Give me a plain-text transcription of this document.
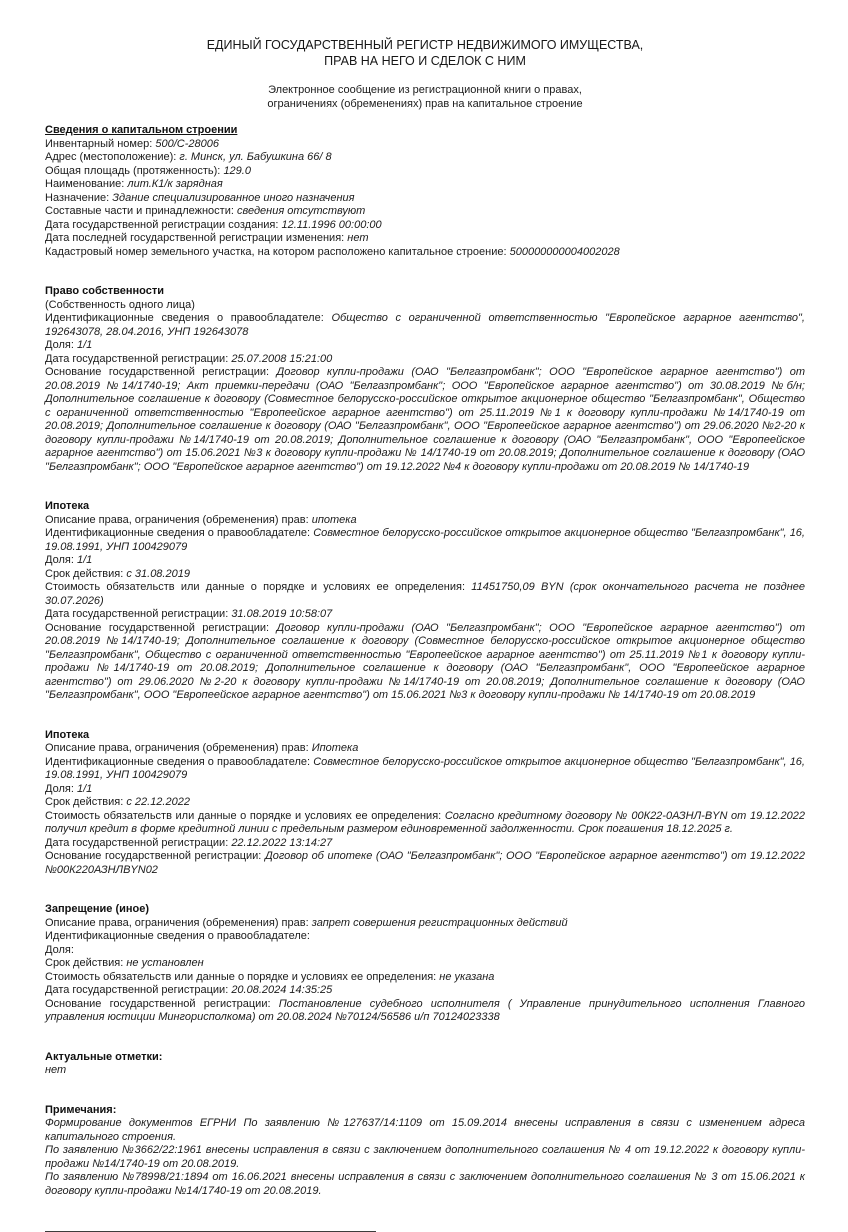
ЕДИНЫЙ ГОСУДАРСТВЕННЫЙ РЕГИСТР НЕДВИЖИМОГО ИМУЩЕСТВА,
ПРАВ НА НЕГО И СДЕЛОК С НИМ
Электронное сообщение из регистрационной книги о правах,
ограничениях (обременениях) прав на капитальное строение
Сведения о капитальном строении
Инвентарный номер: 500/С-28006
Адрес (местоположение): г. Минск, ул. Бабушкина 66/ 8
Общая площадь (протяженность): 129.0
Наименование: лит.К1/к зарядная
Назначение: Здание специализированное иного назначения
Составные части и принадлежности: сведения отсутствуют
Дата государственной регистрации создания: 12.11.1996 00:00:00
Дата последней государственной регистрации изменения: нет
Кадастровый номер земельного участка, на котором расположено капитальное строение: 500000000004002028
Право собственности
(Собственность одного лица)
Идентификационные сведения о правообладателе: Общество с ограниченной ответственностью "Европейское аграрное агентство", 192643078, 28.04.2016, УНП 192643078
Доля: 1/1
Дата государственной регистрации: 25.07.2008 15:21:00
Основание государственной регистрации: Договор купли-продажи (ОАО "Белгазпромбанк"; ООО "Европейское аграрное агентство") от 20.08.2019 №14/1740-19; Акт приемки-передачи (ОАО "Белгазпромбанк"; ООО "Европейское аграрное агентство") от 30.08.2019 №б/н; Дополнительное соглашение к договору (Совместное белорусско-российское открытое акционерное общество "Белгазпромбанк", Общество с ограниченной ответственностью "Европеейское аграрное агентство") от 25.11.2019 №1 к договору купли-продажи №14/1740-19 от 20.08.2019; Дополнительное соглашение к договору (ОАО "Белгазпромбанк", ООО "Европеейское аграрное агентство") от 29.06.2020 №2-20 к договору купли-продажи №14/1740-19 от 20.08.2019; Дополнительное соглашение к договору (ОАО "Белгазпромбанк", ООО "Европеейское аграрное агентство") от 15.06.2021 №3 к договору купли-продажи № 14/1740-19 от 20.08.2019; Дополнительное соглашение к договору (ОАО "Белгазпромбанк"; ООО "Европейское аграрное агентство") от 19.12.2022 №4 к договору купли-продажи от 20.08.2019 № 14/1740-19
Ипотека
Описание права, ограничения (обременения) прав: ипотека
Идентификационные сведения о правообладателе: Совместное белорусско-российское открытое акционерное общество "Белгазпромбанк", 16, 19.08.1991, УНП 100429079
Доля: 1/1
Срок действия: с 31.08.2019
Стоимость обязательств или данные о порядке и условиях ее определения: 11451750,09 BYN (срок окончательного расчета не позднее 30.07.2026)
Дата государственной регистрации: 31.08.2019 10:58:07
Основание государственной регистрации: Договор купли-продажи (ОАО "Белгазпромбанк"; ООО "Европейское аграрное агентство") от 20.08.2019 №14/1740-19; Дополнительное соглашение к договору (Совместное белорусско-российское открытое акционерное общество "Белгазпромбанк", Общество с ограниченной ответственностью "Европеейское аграрное агентство") от 25.11.2019 №1 к договору купли-продажи №14/1740-19 от 20.08.2019; Дополнительное соглашение к договору (ОАО "Белгазпромбанк", ООО "Европеейское аграрное агентство") от 29.06.2020 №2-20 к договору купли-продажи №14/1740-19 от 20.08.2019; Дополнительное соглашение к договору (ОАО "Белгазпромбанк", ООО "Европеейское аграрное агентство") от 15.06.2021 №3 к договору купли-продажи № 14/1740-19 от 20.08.2019
Ипотека
Описание права, ограничения (обременения) прав: Ипотека
Идентификационные сведения о правообладателе: Совместное белорусско-российское открытое акционерное общество "Белгазпромбанк", 16, 19.08.1991, УНП 100429079
Доля: 1/1
Срок действия: с 22.12.2022
Стоимость обязательств или данные о порядке и условиях ее определения: Согласно кредитному договору № 00К22-0АЗНЛ-BYN от 19.12.2022 получил кредит в форме кредитной линии с предельным размером единовременной задолженности. Срок погашения 18.12.2025 г.
Дата государственной регистрации: 22.12.2022 13:14:27
Основание государственной регистрации: Договор об ипотеке (ОАО "Белгазпромбанк"; ООО "Европейское аграрное агентство") от 19.12.2022 №00К220АЗНЛBYN02
Запрещение (иное)
Описание права, ограничения (обременения) прав: запрет совершения регистрационных действий
Идентификационные сведения о правообладателе:
Доля:
Срок действия: не установлен
Стоимость обязательств или данные о порядке и условиях ее определения: не указана
Дата государственной регистрации: 20.08.2024 14:35:25
Основание государственной регистрации: Постановление судебного исполнителя ( Управление принудительного исполнения Главного управления юстиции Мингорисполкома) от 20.08.2024 №70124/56586 и/п 70124023338
Актуальные отметки:
нет
Примечания:
Формирование документов ЕГРНИ По заявлению №127637/14:1109 от 15.09.2014 внесены исправления в связи с изменением адреса капитального строения.
По заявлению №3662/22:1961 внесены исправления в связи с заключением дополнительного соглашения № 4 от 19.12.2022 к договору купли-продажи №14/1740-19 от 20.08.2019.
По заявлению №78998/21:1894 от 16.06.2021 внесены исправления в связи с заключением дополнительного соглашения № 3 от 15.06.2021 к договору купли-продажи №14/1740-19 от 20.08.2019.
